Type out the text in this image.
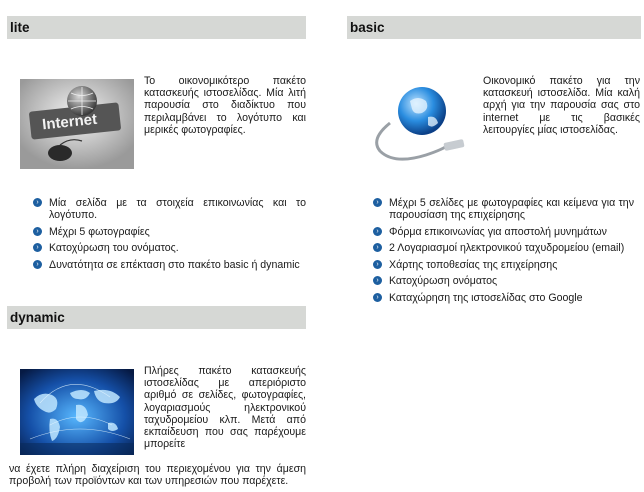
lite
Internet
Το οικονομικότερο πακέτο κατασκευής ιστοσελίδας. Μία λιτή παρουσία στο διαδίκτυο που περιλαμβάνει το λογότυπο και μερικές φωτογραφίες.
› Μία σελίδα με τα στοιχεία επικοινωνίας και το λογότυπο.
› Μέχρι 5 φωτογραφίες
› Κατοχύρωση του ονόματος.
› Δυνατότητα σε επέκταση στο πακέτο basic ή dynamic
basic
Οικονομικό πακέτο για την κατασκευή ιστοσελίδα. Μία καλή αρχή για την παρουσία σας στο internet με τις βασικές λειτουργίες μίας ιστοσελίδας.
› Μέχρι 5 σελίδες με φωτογραφίες και κείμενα για την παρουσίαση της επιχείρησης
› Φόρμα επικοινωνίας για αποστολή μυνημάτων
› 2 Λογαριασμοί ηλεκτρονικού ταχυδρομείου (email)
› Χάρτης τοποθεσίας της επιχείρησης
› Κατοχύρωση ονόματος
› Καταχώρηση της ιστοσελίδας στο Google
dynamic
Πλήρες πακέτο κατασκευής ιστοσελίδας με απεριόριστο αριθμό σε σελίδες, φωτογραφίες, λογαριασμούς ηλεκτρονικού ταχυδρομείου κλπ. Μετά από εκπαίδευση που σας παρέχουμε μπορείτε
να έχετε πλήρη διαχείριση του περιεχομένου για την άμεση προβολή των προϊόντων και των υπηρεσιών που παρέχετε.
